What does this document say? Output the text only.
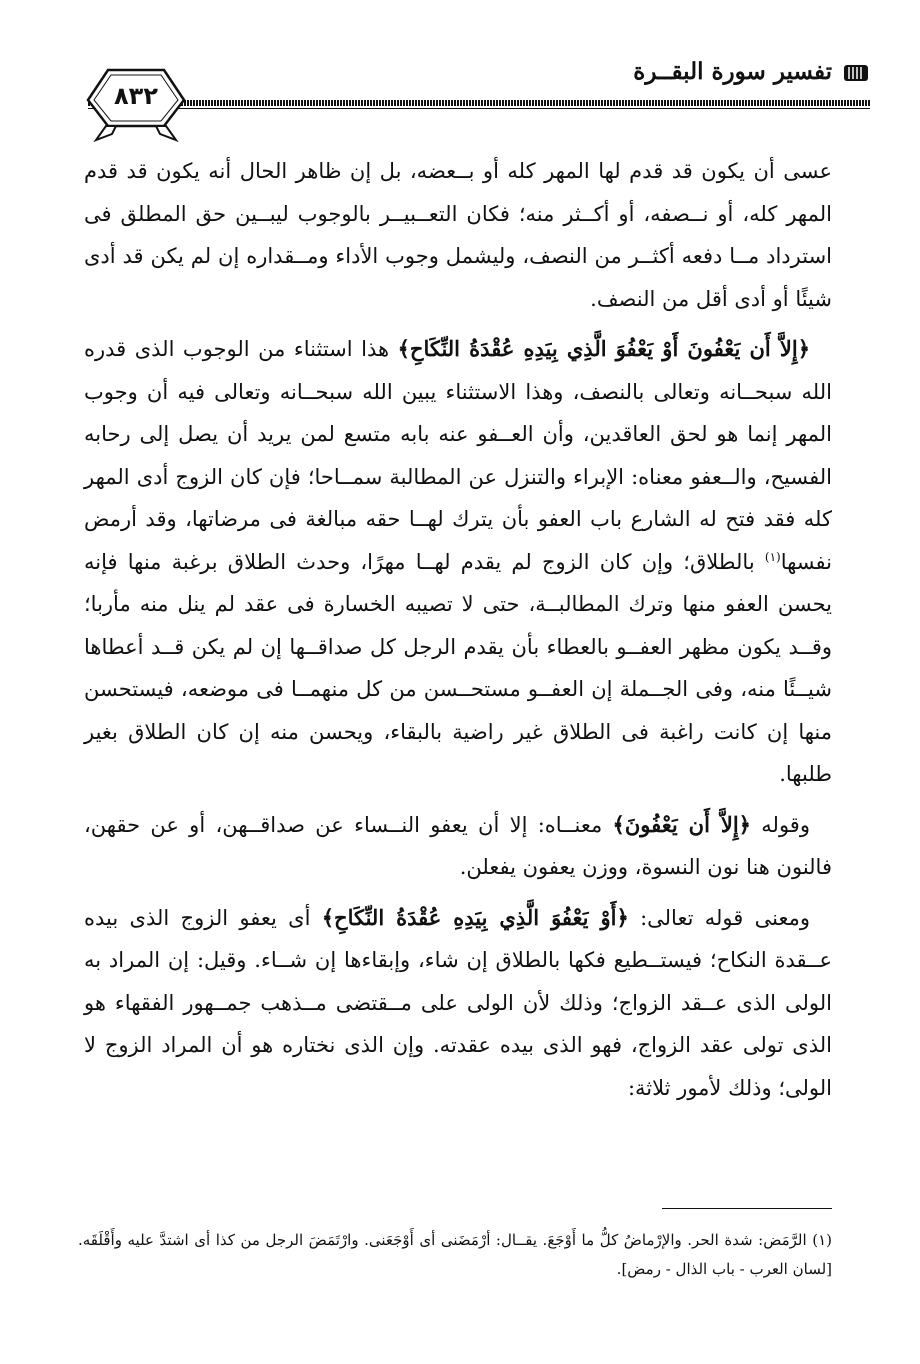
تفسير سورة البقــرة
٨٣٢

عسى أن يكون قد قدم لها المهر كله أو بــعضه، بل إن ظاهر الحال أنه يكون قد قدم المهر كله، أو نــصفه، أو أكــثر منه؛ فكان التعــبيــر بالوجوب ليبــين حق المطلق فى استرداد مــا دفعه أكثــر من النصف، وليشمل وجوب الأداء ومــقداره إن لم يكن قد أدى شيئًا أو أدى أقل من النصف.

﴿إِلاَّ أَن يَعْفُونَ أَوْ يَعْفُوَ الَّذِي بِيَدِهِ عُقْدَةُ النِّكَاحِ﴾ هذا استثناء من الوجوب الذى قدره الله سبحــانه وتعالى بالنصف، وهذا الاستثناء يبين الله سبحــانه وتعالى فيه أن وجوب المهر إنما هو لحق العاقدين، وأن العــفو عنه بابه متسع لمن يريد أن يصل إلى رحابه الفسيح، والــعفو معناه: الإبراء والتنزل عن المطالبة سمــاحا؛ فإن كان الزوج أدى المهر كله فقد فتح له الشارع باب العفو بأن يترك لهــا حقه مبالغة فى مرضاتها، وقد أرمض نفسها$^{(١)}$ بالطلاق؛ وإن كان الزوج لم يقدم لهــا مهرًا، وحدث الطلاق برغبة منها فإنه يحسن العفو منها وترك المطالبــة، حتى لا تصيبه الخسارة فى عقد لم ينل منه مأربا؛ وقــد يكون مظهر العفــو بالعطاء بأن يقدم الرجل كل صداقــها إن لم يكن قــد أعطاها شيــئًا منه، وفى الجــملة إن العفــو مستحــسن من كل منهمــا فى موضعه، فيستحسن منها إن كانت راغبة فى الطلاق غير راضية بالبقاء، ويحسن منه إن كان الطلاق بغير طلبها.

وقوله ﴿إِلاَّ أَن يَعْفُونَ﴾ معنــاه: إلا أن يعفو النــساء عن صداقــهن، أو عن حقهن، فالنون هنا نون النسوة، ووزن يعفون يفعلن.

ومعنى قوله تعالى: ﴿أَوْ يَعْفُوَ الَّذِي بِيَدِهِ عُقْدَةُ النِّكَاحِ﴾ أى يعفو الزوج الذى بيده عــقدة النكاح؛ فيستــطيع فكها بالطلاق إن شاء، وإبقاءها إن شــاء. وقيل: إن المراد به الولى الذى عــقد الزواج؛ وذلك لأن الولى على مــقتضى مــذهب جمــهور الفقهاء هو الذى تولى عقد الزواج، فهو الذى بيده عقدته. وإن الذى نختاره هو أن المراد الزوج لا الولى؛ وذلك لأمور ثلاثة:

(١) الرَّمَض: شدة الحر. والإرْماضُ كلُّ ما أَوْجَعَ. يقــال: أرْمَضَنى أى أَوْجَعَنى. وارْتَمَضَ الرجل من كذا أى اشتدَّ عليه وأَقْلَقَه. [لسان العرب - باب الذال - رمض].
